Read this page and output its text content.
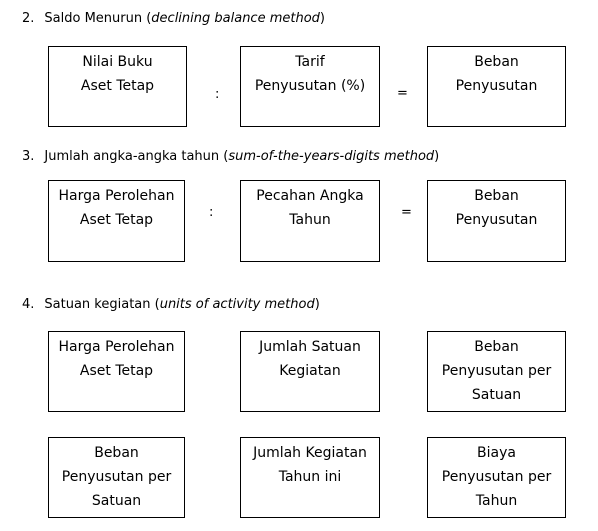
2. Saldo Menurun (declining balance method)
Nilai Buku
Aset Tetap
:
Tarif
Penyusutan (%) =
Beban
Penyusutan
3. Jumlah angka-angka tahun (sum-of-the-years-digits method)
Harga Perolehan
Aset Tetap	:
Pecahan Angka
Tahun	=
Beban
Penyusutan
4. Satuan kegiatan (units of activity method)
Harga Perolehan
Aset Tetap
Jumlah Satuan
Kegiatan
Beban
Penyusutan per
Satuan
Beban
Penyusutan per
Satuan
Jumlah Kegiatan
Tahun ini
Biaya
Penyusutan per
Tahun
